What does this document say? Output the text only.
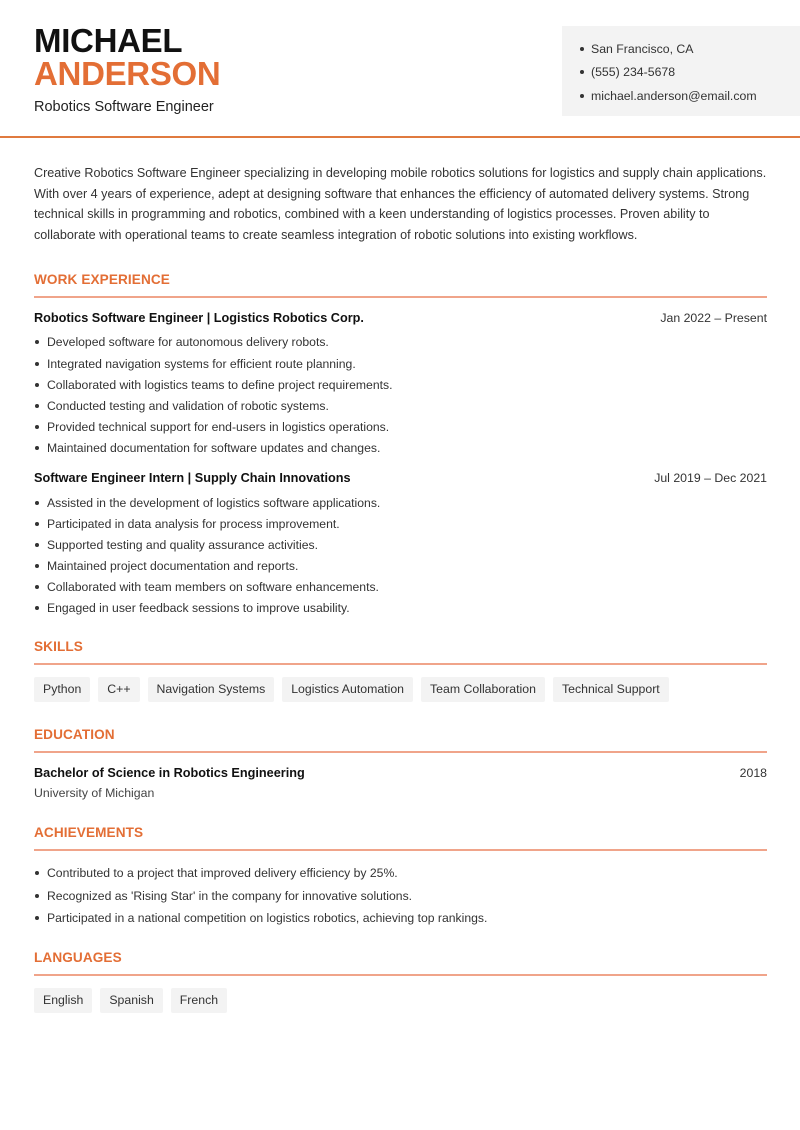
MICHAEL
ANDERSON
Robotics Software Engineer
San Francisco, CA
(555) 234-5678
michael.anderson@email.com

Creative Robotics Software Engineer specializing in developing mobile robotics solutions for logistics and supply chain applications. With over 4 years of experience, adept at designing software that enhances the efficiency of automated delivery systems. Strong technical skills in programming and robotics, combined with a keen understanding of logistics processes. Proven ability to collaborate with operational teams to create seamless integration of robotic solutions into existing workflows.

WORK EXPERIENCE
Robotics Software Engineer | Logistics Robotics Corp.	Jan 2022 – Present
Developed software for autonomous delivery robots.
Integrated navigation systems for efficient route planning.
Collaborated with logistics teams to define project requirements.
Conducted testing and validation of robotic systems.
Provided technical support for end-users in logistics operations.
Maintained documentation for software updates and changes.
Software Engineer Intern | Supply Chain Innovations	Jul 2019 – Dec 2021
Assisted in the development of logistics software applications.
Participated in data analysis for process improvement.
Supported testing and quality assurance activities.
Maintained project documentation and reports.
Collaborated with team members on software enhancements.
Engaged in user feedback sessions to improve usability.
SKILLS
Python	C++	Navigation Systems	Logistics Automation	Team Collaboration	Technical Support
EDUCATION
Bachelor of Science in Robotics Engineering	2018
University of Michigan
ACHIEVEMENTS
Contributed to a project that improved delivery efficiency by 25%.
Recognized as 'Rising Star' in the company for innovative solutions.
Participated in a national competition on logistics robotics, achieving top rankings.
LANGUAGES
English	Spanish	French
